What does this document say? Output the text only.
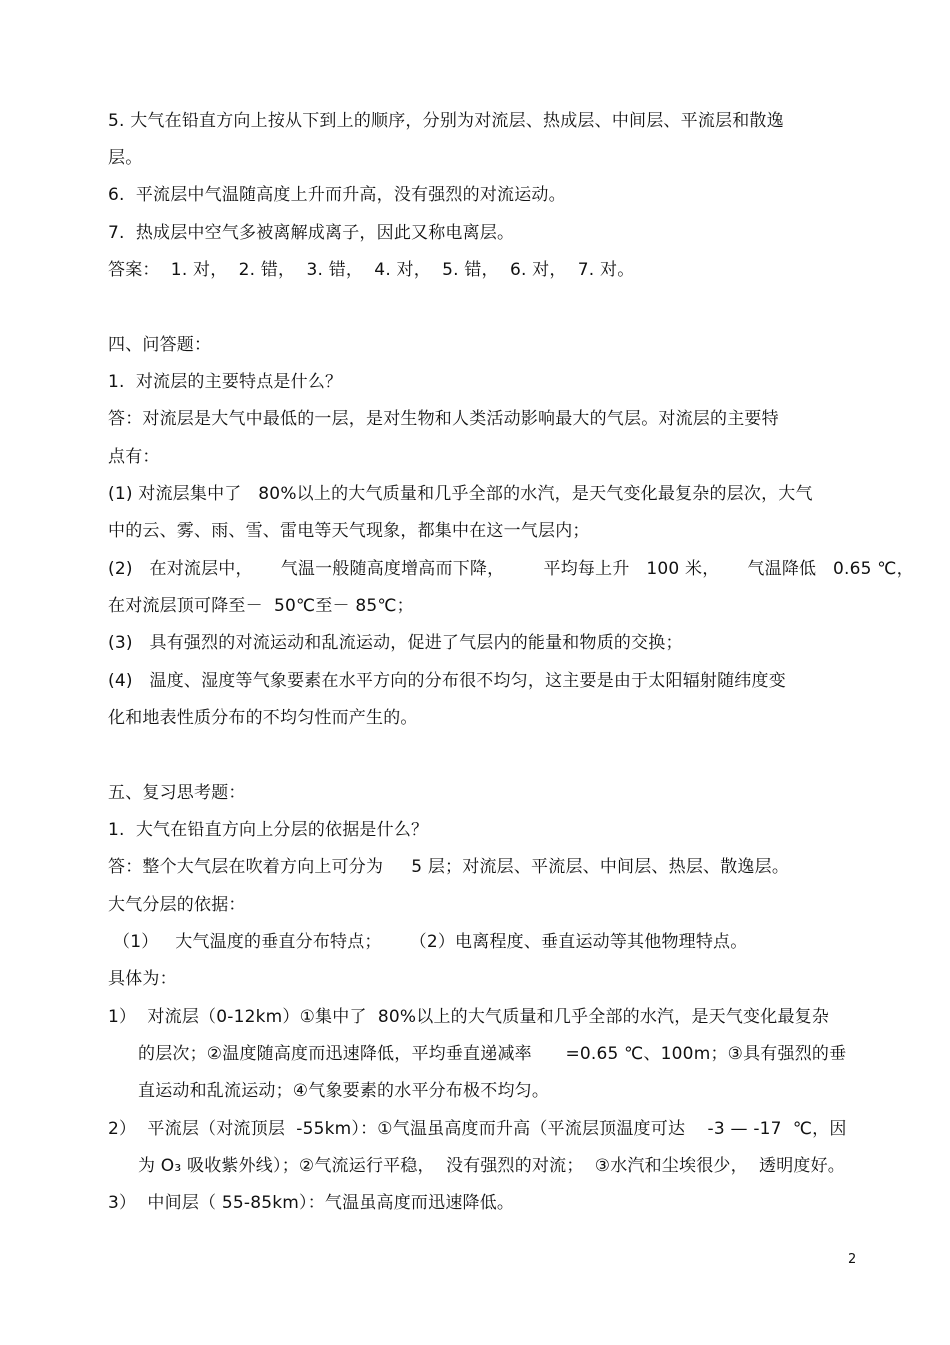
5. 大气在铅直方向上按从下到上的顺序，分别为对流层、热成层、中间层、平流层和散逸
层。
6.  平流层中气温随高度上升而升高，没有强烈的对流运动。
7.  热成层中空气多被离解成离子，因此又称电离层。
答案：  1. 对，  2. 错，  3. 错，  4. 对，  5. 错，  6. 对，  7. 对。
四、问答题：
1.  对流层的主要特点是什么？
答：对流层是大气中最低的一层，是对生物和人类活动影响最大的气层。对流层的主要特
点有：
(1) 对流层集中了   80%以上的大气质量和几乎全部的水汽，是天气变化最复杂的层次，大气
中的云、雾、雨、雪、雷电等天气现象，都集中在这一气层内；
(2)   在对流层中，     气温一般随高度增高而下降，       平均每上升   100 米，     气温降低   0.65 ℃，
在对流层顶可降至－  50℃至－ 85℃；
(3)   具有强烈的对流运动和乱流运动，促进了气层内的能量和物质的交换；
(4)   温度、湿度等气象要素在水平方向的分布很不均匀，这主要是由于太阳辐射随纬度变
化和地表性质分布的不均匀性而产生的。
五、复习思考题：
1.  大气在铅直方向上分层的依据是什么？
答：整个大气层在吹着方向上可分为     5 层；对流层、平流层、中间层、热层、散逸层。
大气分层的依据：
（1）   大气温度的垂直分布特点；     （2）电离程度、垂直运动等其他物理特点。
具体为：
1）  对流层（0-12km）①集中了  80%以上的大气质量和几乎全部的水汽，是天气变化最复杂
的层次；②温度随高度而迅速降低，平均垂直递减率      =0.65 ℃、100m；③具有强烈的垂
直运动和乱流运动；④气象要素的水平分布极不均匀。
2）  平流层（对流顶层  -55km）：①气温虽高度而升高（平流层顶温度可达    -3 — -17  ℃，因
为 O₃ 吸收紫外线）；②气流运行平稳，  没有强烈的对流；  ③水汽和尘埃很少，  透明度好。
3）  中间层（ 55-85km）：气温虽高度而迅速降低。
2
